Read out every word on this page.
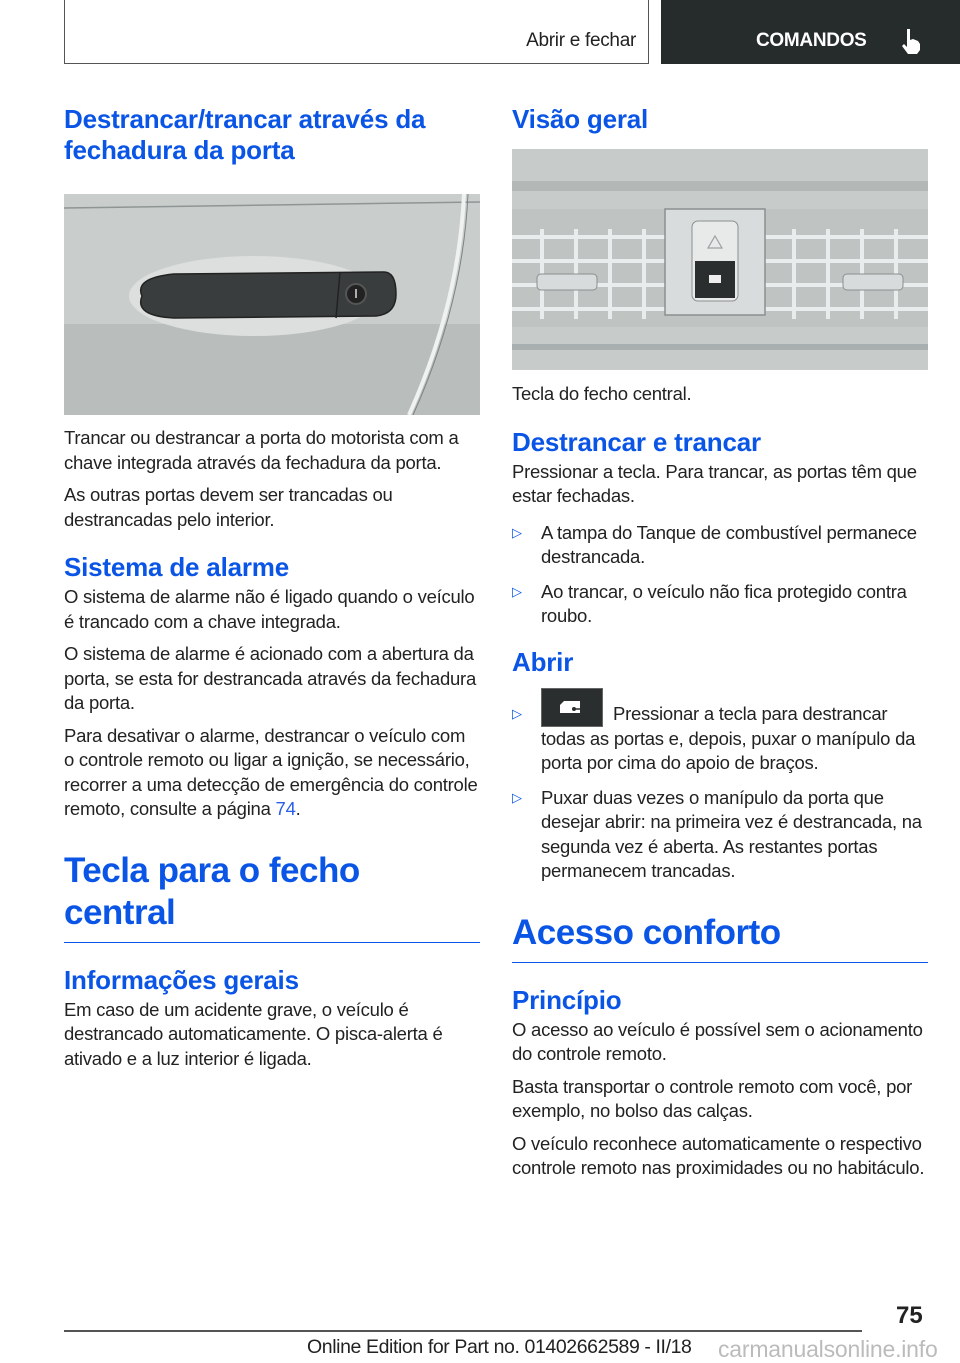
Abrir e fechar	COMANDOS
Destrancar/trancar através da fechadura da porta

Trancar ou destrancar a porta do motorista com a chave integrada através da fechadura da porta.

As outras portas devem ser trancadas ou destrancadas pelo interior.

Sistema de alarme

O sistema de alarme não é ligado quando o veículo é trancado com a chave integrada.

O sistema de alarme é acionado com a abertura da porta, se esta for destrancada através da fechadura da porta.

Para desativar o alarme, destrancar o veículo com o controle remoto ou ligar a ignição, se necessário, recorrer a uma detecção de emergência do controle remoto, consulte a página 74.

Tecla para o fecho central
Informações gerais

Em caso de um acidente grave, o veículo é destrancado automaticamente. O pisca-alerta é ativado e a luz interior é ligada.

Visão geral

Tecla do fecho central.

Destrancar e trancar

Pressionar a tecla. Para trancar, as portas têm que estar fechadas.

▷ A tampa do Tanque de combustível permanece destrancada.
▷ Ao trancar, o veículo não fica protegido contra roubo.
Abrir
▷	Pressionar a tecla para destrancar todas as portas e, depois, puxar o manípulo da porta por cima do apoio de braços.
▷ Puxar duas vezes o manípulo da porta que desejar abrir: na primeira vez é destrancada, na segunda vez é aberta. As restantes portas permanecem trancadas.
Acesso conforto
Princípio

O acesso ao veículo é possível sem o acionamento do controle remoto.

Basta transportar o controle remoto com você, por exemplo, no bolso das calças.

O veículo reconhece automaticamente o respectivo controle remoto nas proximidades ou no habitáculo.

75
Online Edition for Part no. 01402662589 - II/18 carmanualsonline.info
